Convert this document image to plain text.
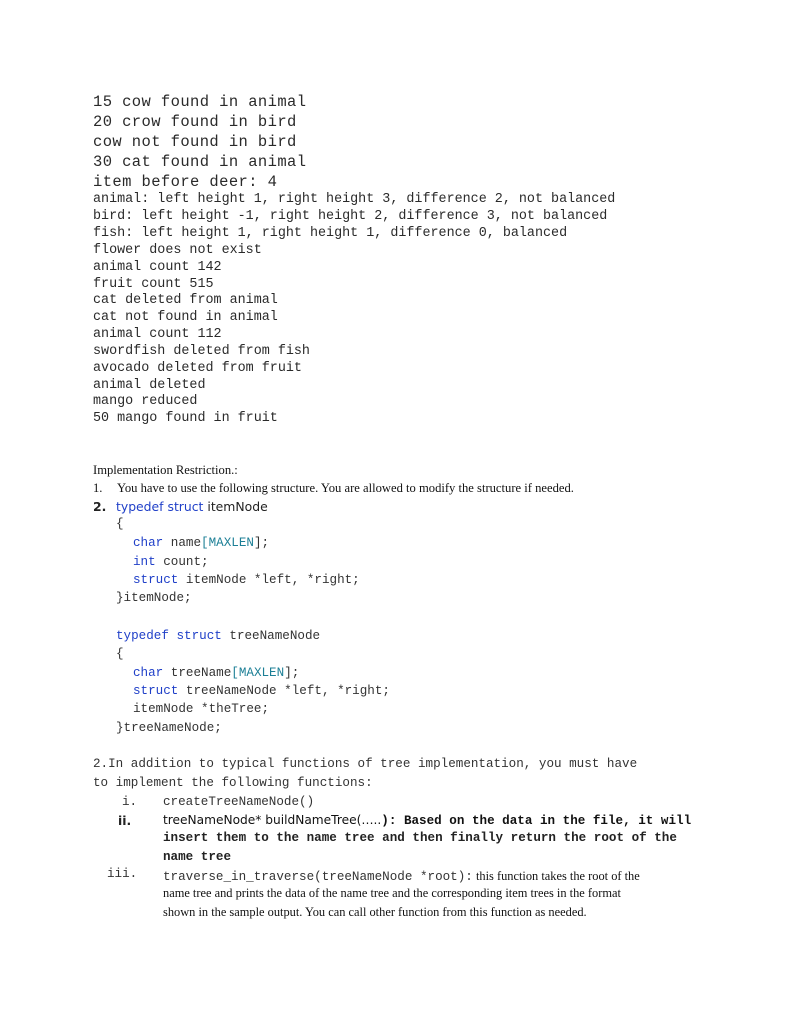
15 cow found in animal
20 crow found in bird
cow not found in bird
30 cat found in animal
item before deer: 4
animal: left height 1, right height 3, difference 2, not balanced
bird: left height -1, right height 2, difference 3, not balanced
fish: left height 1, right height 1, difference 0, balanced
flower does not exist
animal count 142
fruit count 515
cat deleted from animal
cat not found in animal
animal count 112
swordfish deleted from fish
avocado deleted from fruit
animal deleted
mango reduced
50 mango found in fruit
Implementation Restriction.:
1. You have to use the following structure. You are allowed to modify the structure if needed.
2. typedef struct itemNode
{
char name[MAXLEN];
int count;
struct itemNode *left, *right;
}itemNode;
typedef struct treeNameNode
{
char treeName[MAXLEN];
struct treeNameNode *left, *right;
itemNode *theTree;
}treeNameNode;
2.In addition to typical functions of tree implementation, you must have
to implement the following functions:
i. createTreeNameNode()
ii.	treeNameNode* buildNameTree(…..): Based on the data in the file, it will
insert them to the name tree and then finally return the root of the
name tree
iii. traverse_in_traverse(treeNameNode *root): this function takes the root of the
name tree and prints the data of the name tree and the corresponding item trees in the format
shown in the sample output. You can call other function from this function as needed.
